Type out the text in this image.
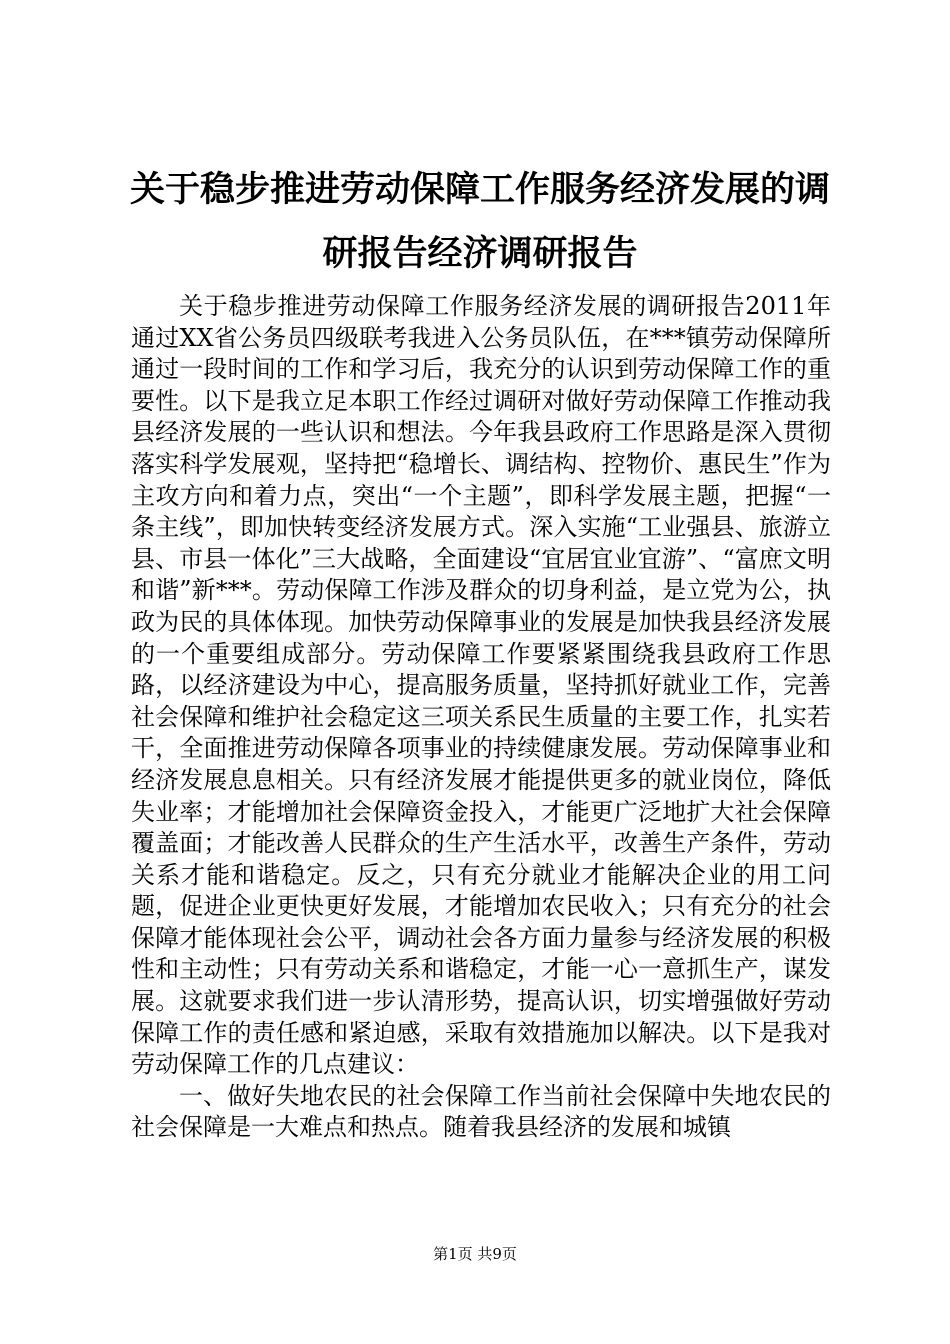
关于稳步推进劳动保障工作服务经济发展的调研报告经济调研报告

关于稳步推进劳动保障工作服务经济发展的调研报告2011年通过XX省公务员四级联考我进入公务员队伍，在***镇劳动保障所通过一段时间的工作和学习后，我充分的认识到劳动保障工作的重要性。以下是我立足本职工作经过调研对做好劳动保障工作推动我县经济发展的一些认识和想法。今年我县政府工作思路是深入贯彻落实科学发展观，坚持把“稳增长、调结构、控物价、惠民生”作为主攻方向和着力点，突出“一个主题”，即科学发展主题，把握“一条主线”，即加快转变经济发展方式。深入实施“工业强县、旅游立县、市县一体化”三大战略，全面建设“宜居宜业宜游”、“富庶文明和谐”新***。劳动保障工作涉及群众的切身利益，是立党为公，执政为民的具体体现。加快劳动保障事业的发展是加快我县经济发展的一个重要组成部分。劳动保障工作要紧紧围绕我县政府工作思路，以经济建设为中心，提高服务质量，坚持抓好就业工作，完善社会保障和维护社会稳定这三项关系民生质量的主要工作，扎实若干，全面推进劳动保障各项事业的持续健康发展。劳动保障事业和经济发展息息相关。只有经济发展才能提供更多的就业岗位，降低失业率；才能增加社会保障资金投入，才能更广泛地扩大社会保障覆盖面；才能改善人民群众的生产生活水平，改善生产条件，劳动关系才能和谐稳定。反之，只有充分就业才能解决企业的用工问题，促进企业更快更好发展，才能增加农民收入；只有充分的社会保障才能体现社会公平，调动社会各方面力量参与经济发展的积极性和主动性；只有劳动关系和谐稳定，才能一心一意抓生产，谋发展。这就要求我们进一步认清形势，提高认识，切实增强做好劳动保障工作的责任感和紧迫感，采取有效措施加以解决。以下是我对劳动保障工作的几点建议：

一、做好失地农民的社会保障工作当前社会保障中失地农民的社会保障是一大难点和热点。随着我县经济的发展和城镇

第1页 共9页
